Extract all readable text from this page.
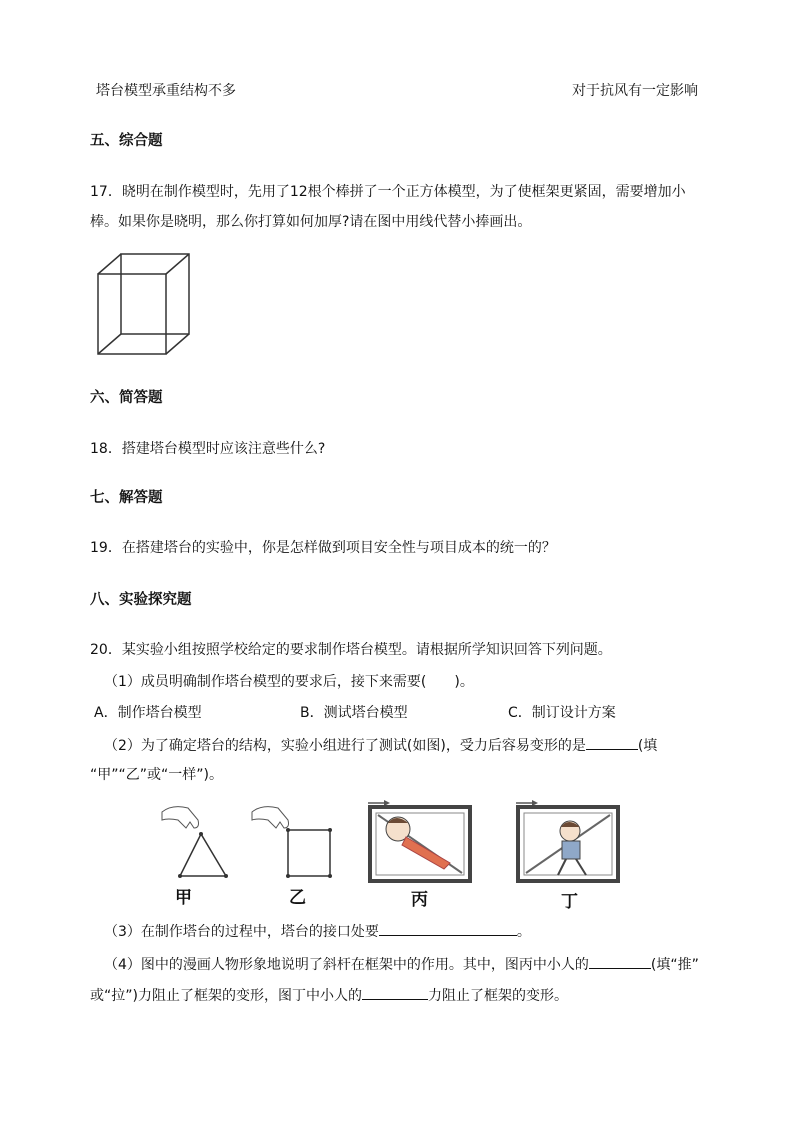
塔台模型承重结构不多	对于抗风有一定影响
五、综合题
17．晓明在制作模型时，先用了12根个棒拼了一个正方体模型，为了使框架更紧固，需要增加小
棒。如果你是晓明，那么你打算如何加厚?请在图中用线代替小捧画出。
六、简答题
18．搭建塔台模型时应该注意些什么?
七、解答题
19．在搭建塔台的实验中，你是怎样做到项目安全性与项目成本的统一的？
八、实验探究题
20．某实验小组按照学校给定的要求制作塔台模型。请根据所学知识回答下列问题。
（1）成员明确制作塔台模型的要求后，接下来需要(　　)。
A．制作塔台模型	B．测试塔台模型	C．制订设计方案
（2）为了确定塔台的结构，实验小组进行了测试(如图)，受力后容易变形的是	(填
“甲”“乙”或“一样”)。
甲	乙	丙	丁
（3）在制作塔台的过程中，塔台的接口处要	。
（4）图中的漫画人物形象地说明了斜杆在框架中的作用。其中，图丙中小人的	(填“推”
或“拉”)力阻止了框架的变形，图丁中小人的	力阻止了框架的变形。
